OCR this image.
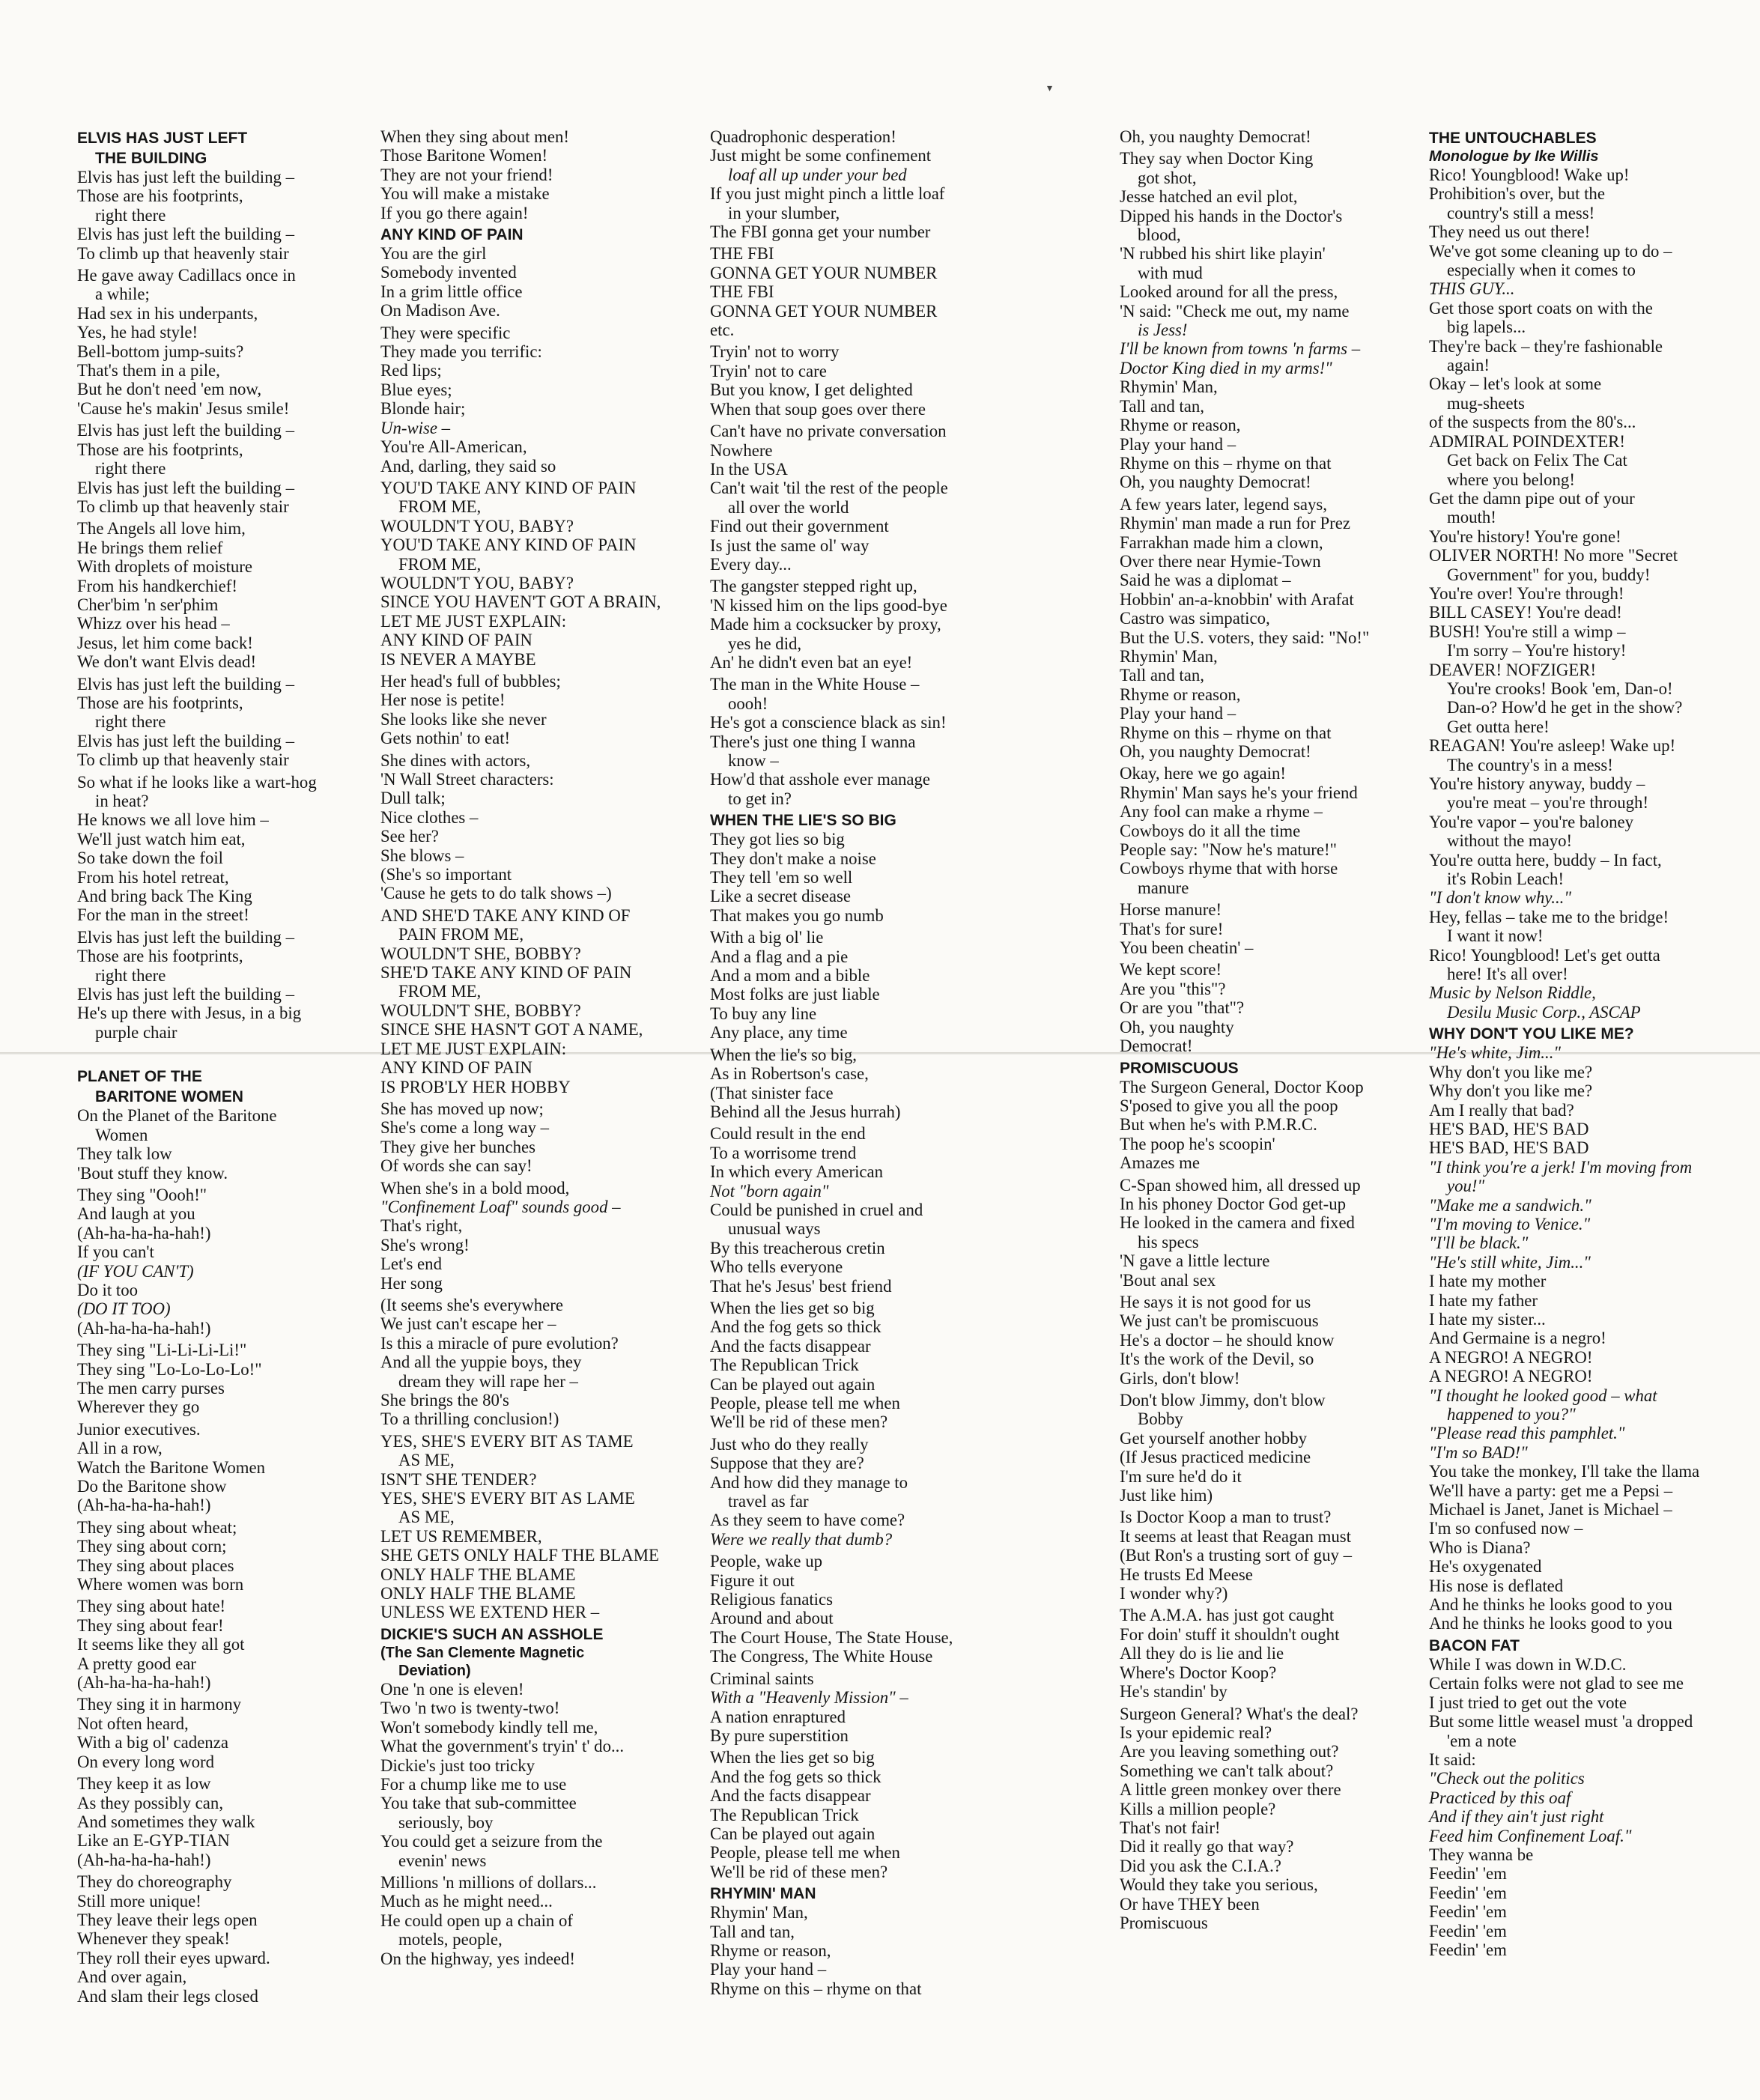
▾
ELVIS HAS JUST LEFT
THE BUILDING
Elvis has just left the building –
Those are his footprints,
right there
Elvis has just left the building –
To climb up that heavenly stair
He gave away Cadillacs once in
a while;
Had sex in his underpants,
Yes, he had style!
Bell-bottom jump-suits?
That's them in a pile,
But he don't need 'em now,
'Cause he's makin' Jesus smile!
Elvis has just left the building –
Those are his footprints,
right there
Elvis has just left the building –
To climb up that heavenly stair
The Angels all love him,
He brings them relief
With droplets of moisture
From his handkerchief!
Cher'bim 'n ser'phim
Whizz over his head –
Jesus, let him come back!
We don't want Elvis dead!
Elvis has just left the building –
Those are his footprints,
right there
Elvis has just left the building –
To climb up that heavenly stair
So what if he looks like a wart-hog
in heat?
He knows we all love him –
We'll just watch him eat,
So take down the foil
From his hotel retreat,
And bring back The King
For the man in the street!
Elvis has just left the building –
Those are his footprints,
right there
Elvis has just left the building –
He's up there with Jesus, in a big
purple chair
PLANET OF THE
BARITONE WOMEN
On the Planet of the Baritone
Women
They talk low
'Bout stuff they know.
They sing "Oooh!"
And laugh at you
(Ah-ha-ha-ha-hah!)
If you can't
(IF YOU CAN'T)
Do it too
(DO IT TOO)
(Ah-ha-ha-ha-hah!)
They sing "Li-Li-Li-Li!"
They sing "Lo-Lo-Lo-Lo!"
The men carry purses
Wherever they go
Junior executives.
All in a row,
Watch the Baritone Women
Do the Baritone show
(Ah-ha-ha-ha-hah!)
They sing about wheat;
They sing about corn;
They sing about places
Where women was born
They sing about hate!
They sing about fear!
It seems like they all got
A pretty good ear
(Ah-ha-ha-ha-hah!)
They sing it in harmony
Not often heard,
With a big ol' cadenza
On every long word
They keep it as low
As they possibly can,
And sometimes they walk
Like an E-GYP-TIAN
(Ah-ha-ha-ha-hah!)
They do choreography
Still more unique!
They leave their legs open
Whenever they speak!
They roll their eyes upward.
And over again,
And slam their legs closed
When they sing about men!
Those Baritone Women!
They are not your friend!
You will make a mistake
If you go there again!
ANY KIND OF PAIN
You are the girl
Somebody invented
In a grim little office
On Madison Ave.
They were specific
They made you terrific:
Red lips;
Blue eyes;
Blonde hair;
Un-wise –
You're All-American,
And, darling, they said so
YOU'D TAKE ANY KIND OF PAIN
FROM ME,
WOULDN'T YOU, BABY?
YOU'D TAKE ANY KIND OF PAIN
FROM ME,
WOULDN'T YOU, BABY?
SINCE YOU HAVEN'T GOT A BRAIN,
LET ME JUST EXPLAIN:
ANY KIND OF PAIN
IS NEVER A MAYBE
Her head's full of bubbles;
Her nose is petite!
She looks like she never
Gets nothin' to eat!
She dines with actors,
'N Wall Street characters:
Dull talk;
Nice clothes –
See her?
She blows –
(She's so important
'Cause he gets to do talk shows –)
AND SHE'D TAKE ANY KIND OF
PAIN FROM ME,
WOULDN'T SHE, BOBBY?
SHE'D TAKE ANY KIND OF PAIN
FROM ME,
WOULDN'T SHE, BOBBY?
SINCE SHE HASN'T GOT A NAME,
LET ME JUST EXPLAIN:
ANY KIND OF PAIN
IS PROB'LY HER HOBBY
She has moved up now;
She's come a long way –
They give her bunches
Of words she can say!
When she's in a bold mood,
"Confinement Loaf" sounds good –
That's right,
She's wrong!
Let's end
Her song
(It seems she's everywhere
We just can't escape her –
Is this a miracle of pure evolution?
And all the yuppie boys, they
dream they will rape her –
She brings the 80's
To a thrilling conclusion!)
YES, SHE'S EVERY BIT AS TAME
AS ME,
ISN'T SHE TENDER?
YES, SHE'S EVERY BIT AS LAME
AS ME,
LET US REMEMBER,
SHE GETS ONLY HALF THE BLAME
ONLY HALF THE BLAME
ONLY HALF THE BLAME
UNLESS WE EXTEND HER –
DICKIE'S SUCH AN ASSHOLE
(The San Clemente Magnetic
Deviation)
One 'n one is eleven!
Two 'n two is twenty-two!
Won't somebody kindly tell me,
What the government's tryin' t' do...
Dickie's just too tricky
For a chump like me to use
You take that sub-committee
seriously, boy
You could get a seizure from the
evenin' news
Millions 'n millions of dollars...
Much as he might need...
He could open up a chain of
motels, people,
On the highway, yes indeed!
Quadrophonic desperation!
Just might be some confinement
loaf all up under your bed
If you just might pinch a little loaf
in your slumber,
The FBI gonna get your number
THE FBI
GONNA GET YOUR NUMBER
THE FBI
GONNA GET YOUR NUMBER
etc.
Tryin' not to worry
Tryin' not to care
But you know, I get delighted
When that soup goes over there
Can't have no private conversation
Nowhere
In the USA
Can't wait 'til the rest of the people
all over the world
Find out their government
Is just the same ol' way
Every day...
The gangster stepped right up,
'N kissed him on the lips good-bye
Made him a cocksucker by proxy,
yes he did,
An' he didn't even bat an eye!
The man in the White House –
oooh!
He's got a conscience black as sin!
There's just one thing I wanna
know –
How'd that asshole ever manage
to get in?
WHEN THE LIE'S SO BIG
They got lies so big
They don't make a noise
They tell 'em so well
Like a secret disease
That makes you go numb
With a big ol' lie
And a flag and a pie
And a mom and a bible
Most folks are just liable
To buy any line
Any place, any time
When the lie's so big,
As in Robertson's case,
(That sinister face
Behind all the Jesus hurrah)
Could result in the end
To a worrisome trend
In which every American
Not "born again"
Could be punished in cruel and
unusual ways
By this treacherous cretin
Who tells everyone
That he's Jesus' best friend
When the lies get so big
And the fog gets so thick
And the facts disappear
The Republican Trick
Can be played out again
People, please tell me when
We'll be rid of these men?
Just who do they really
Suppose that they are?
And how did they manage to
travel as far
As they seem to have come?
Were we really that dumb?
People, wake up
Figure it out
Religious fanatics
Around and about
The Court House, The State House,
The Congress, The White House
Criminal saints
With a "Heavenly Mission" –
A nation enraptured
By pure superstition
When the lies get so big
And the fog gets so thick
And the facts disappear
The Republican Trick
Can be played out again
People, please tell me when
We'll be rid of these men?
RHYMIN' MAN
Rhymin' Man,
Tall and tan,
Rhyme or reason,
Play your hand –
Rhyme on this – rhyme on that
Oh, you naughty Democrat!
They say when Doctor King
got shot,
Jesse hatched an evil plot,
Dipped his hands in the Doctor's
blood,
'N rubbed his shirt like playin'
with mud
Looked around for all the press,
'N said: "Check me out, my name
is Jess!
I'll be known from towns 'n farms –
Doctor King died in my arms!"
Rhymin' Man,
Tall and tan,
Rhyme or reason,
Play your hand –
Rhyme on this – rhyme on that
Oh, you naughty Democrat!
A few years later, legend says,
Rhymin' man made a run for Prez
Farrakhan made him a clown,
Over there near Hymie-Town
Said he was a diplomat –
Hobbin' an-a-knobbin' with Arafat
Castro was simpatico,
But the U.S. voters, they said: "No!"
Rhymin' Man,
Tall and tan,
Rhyme or reason,
Play your hand –
Rhyme on this – rhyme on that
Oh, you naughty Democrat!
Okay, here we go again!
Rhymin' Man says he's your friend
Any fool can make a rhyme –
Cowboys do it all the time
People say: "Now he's mature!"
Cowboys rhyme that with horse
manure
Horse manure!
That's for sure!
You been cheatin' –
We kept score!
Are you "this"?
Or are you "that"?
Oh, you naughty
Democrat!
PROMISCUOUS
The Surgeon General, Doctor Koop
S'posed to give you all the poop
But when he's with P.M.R.C.
The poop he's scoopin'
Amazes me
C-Span showed him, all dressed up
In his phoney Doctor God get-up
He looked in the camera and fixed
his specs
'N gave a little lecture
'Bout anal sex
He says it is not good for us
We just can't be promiscuous
He's a doctor – he should know
It's the work of the Devil, so
Girls, don't blow!
Don't blow Jimmy, don't blow
Bobby
Get yourself another hobby
(If Jesus practiced medicine
I'm sure he'd do it
Just like him)
Is Doctor Koop a man to trust?
It seems at least that Reagan must
(But Ron's a trusting sort of guy –
He trusts Ed Meese
I wonder why?)
The A.M.A. has just got caught
For doin' stuff it shouldn't ought
All they do is lie and lie
Where's Doctor Koop?
He's standin' by
Surgeon General? What's the deal?
Is your epidemic real?
Are you leaving something out?
Something we can't talk about?
A little green monkey over there
Kills a million people?
That's not fair!
Did it really go that way?
Did you ask the C.I.A.?
Would they take you serious,
Or have THEY been
Promiscuous
THE UNTOUCHABLES
Monologue by Ike Willis
Rico! Youngblood! Wake up!
Prohibition's over, but the
country's still a mess!
They need us out there!
We've got some cleaning up to do –
especially when it comes to
THIS GUY...
Get those sport coats on with the
big lapels...
They're back – they're fashionable
again!
Okay – let's look at some
mug-sheets
of the suspects from the 80's...
ADMIRAL POINDEXTER!
Get back on Felix The Cat
where you belong!
Get the damn pipe out of your
mouth!
You're history! You're gone!
OLIVER NORTH! No more "Secret
Government" for you, buddy!
You're over! You're through!
BILL CASEY! You're dead!
BUSH! You're still a wimp –
I'm sorry – You're history!
DEAVER! NOFZIGER!
You're crooks! Book 'em, Dan-o!
Dan-o? How'd he get in the show?
Get outta here!
REAGAN! You're asleep! Wake up!
The country's in a mess!
You're history anyway, buddy –
you're meat – you're through!
You're vapor – you're baloney
without the mayo!
You're outta here, buddy – In fact,
it's Robin Leach!
"I don't know why..."
Hey, fellas – take me to the bridge!
I want it now!
Rico! Youngblood! Let's get outta
here! It's all over!
Music by Nelson Riddle,
Desilu Music Corp., ASCAP
WHY DON'T YOU LIKE ME?
"He's white, Jim..."
Why don't you like me?
Why don't you like me?
Am I really that bad?
HE'S BAD, HE'S BAD
HE'S BAD, HE'S BAD
"I think you're a jerk! I'm moving from
you!"
"Make me a sandwich."
"I'm moving to Venice."
"I'll be black."
"He's still white, Jim..."
I hate my mother
I hate my father
I hate my sister...
And Germaine is a negro!
A NEGRO! A NEGRO!
A NEGRO! A NEGRO!
"I thought he looked good – what
happened to you?"
"Please read this pamphlet."
"I'm so BAD!"
You take the monkey, I'll take the llama
We'll have a party: get me a Pepsi –
Michael is Janet, Janet is Michael –
I'm so confused now –
Who is Diana?
He's oxygenated
His nose is deflated
And he thinks he looks good to you
And he thinks he looks good to you
BACON FAT
While I was down in W.D.C.
Certain folks were not glad to see me
I just tried to get out the vote
But some little weasel must 'a dropped
'em a note
It said:
"Check out the politics
Practiced by this oaf
And if they ain't just right
Feed him Confinement Loaf."
They wanna be
Feedin' 'em
Feedin' 'em
Feedin' 'em
Feedin' 'em
Feedin' 'em
